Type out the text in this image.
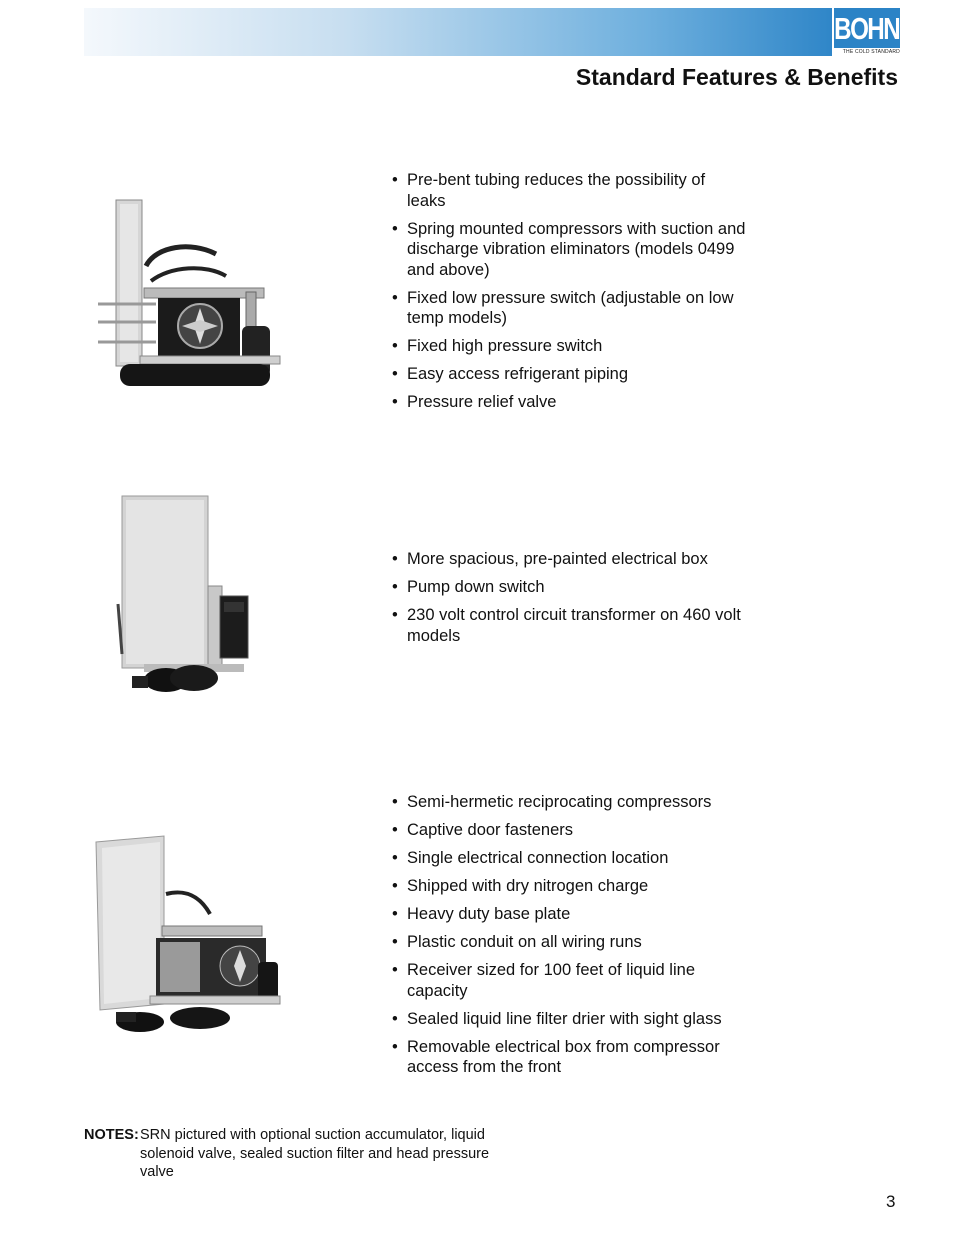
BOHN
THE COLD STANDARD
Standard Features & Benefits
• Pre-bent tubing reduces the possibility of leaks
• Spring mounted compressors with suction and discharge vibration eliminators (models 0499 and above)
• Fixed low pressure switch (adjustable on low temp models)
• Fixed high pressure switch
• Easy access refrigerant piping
• Pressure relief valve
• More spacious, pre-painted electrical box
• Pump down switch
• 230 volt control circuit transformer on 460 volt models
• Semi-hermetic reciprocating compressors
• Captive door fasteners
• Single electrical connection location
• Shipped with dry nitrogen charge
• Heavy duty base plate
• Plastic conduit on all wiring runs
• Receiver sized for 100 feet of liquid line capacity
• Sealed liquid line filter drier with sight glass
• Removable electrical box from compressor access from the front
NOTES: SRN pictured with optional suction accumulator, liquid solenoid valve, sealed suction filter and head pressure valve
3
